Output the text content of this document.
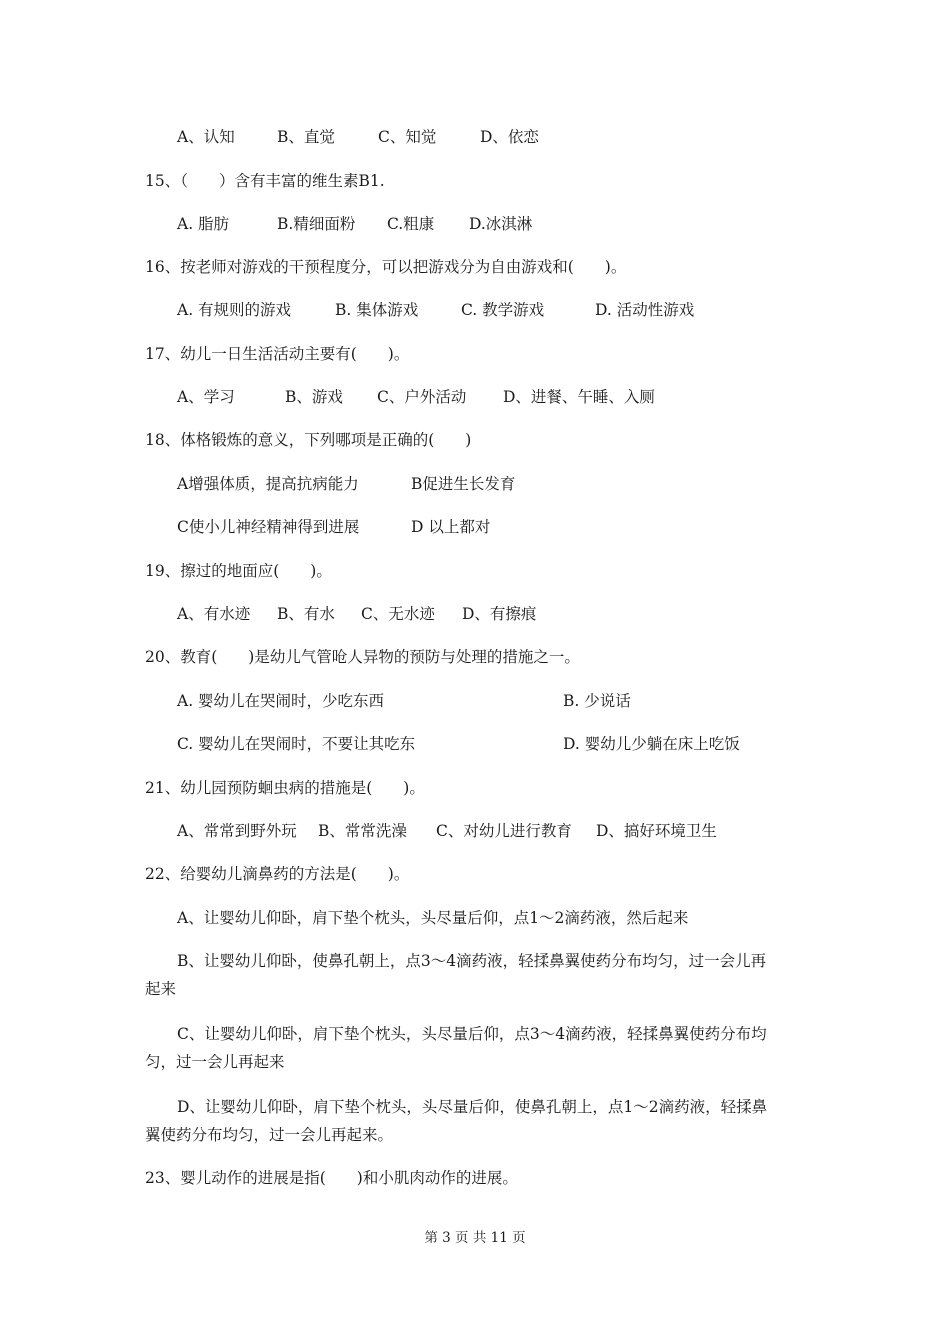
A、认知	B、直觉	C、知觉	D、依恋
15、（　　）含有丰富的维生素B1.
A. 脂肪	B.精细面粉 C.粗康 D.冰淇淋
16、按老师对游戏的干预程度分，可以把游戏分为自由游戏和(　　)。
A. 有规则的游戏	B. 集体游戏	C. 教学游戏	D. 活动性游戏
17、幼儿一日生活活动主要有(　　)。
A、学习	B、游戏 C、户外活动 D、进餐、午睡、入厕
18、体格锻炼的意义，下列哪项是正确的(　　)
A增强体质，提高抗病能力	B促进生长发育
C使小儿神经精神得到进展	D 以上都对
19、擦过的地面应(　　)。
A、有水迹 B、有水 C、无水迹 D、有擦痕
20、教育(　　)是幼儿气管呛人异物的预防与处理的措施之一。
A. 婴幼儿在哭闹时，少吃东西	B. 少说话
C. 婴幼儿在哭闹时，不要让其吃东	D. 婴幼儿少躺在床上吃饭
21、幼儿园预防蛔虫病的措施是(　　)。
A、常常到野外玩 B、常常洗澡 C、对幼儿进行教育 D、搞好环境卫生
22、给婴幼儿滴鼻药的方法是(　　)。
A、让婴幼儿仰卧，肩下垫个枕头，头尽量后仰，点1～2滴药液，然后起来
B、让婴幼儿仰卧，使鼻孔朝上，点3～4滴药液，轻揉鼻翼使药分布均匀，过一会儿再
起来
C、让婴幼儿仰卧，肩下垫个枕头，头尽量后仰，点3～4滴药液，轻揉鼻翼使药分布均
匀，过一会儿再起来
D、让婴幼儿仰卧，肩下垫个枕头，头尽量后仰，使鼻孔朝上，点1～2滴药液，轻揉鼻
翼使药分布均匀，过一会儿再起来。
23、婴儿动作的进展是指(　　)和小肌肉动作的进展。
第 3 页 共 11 页
